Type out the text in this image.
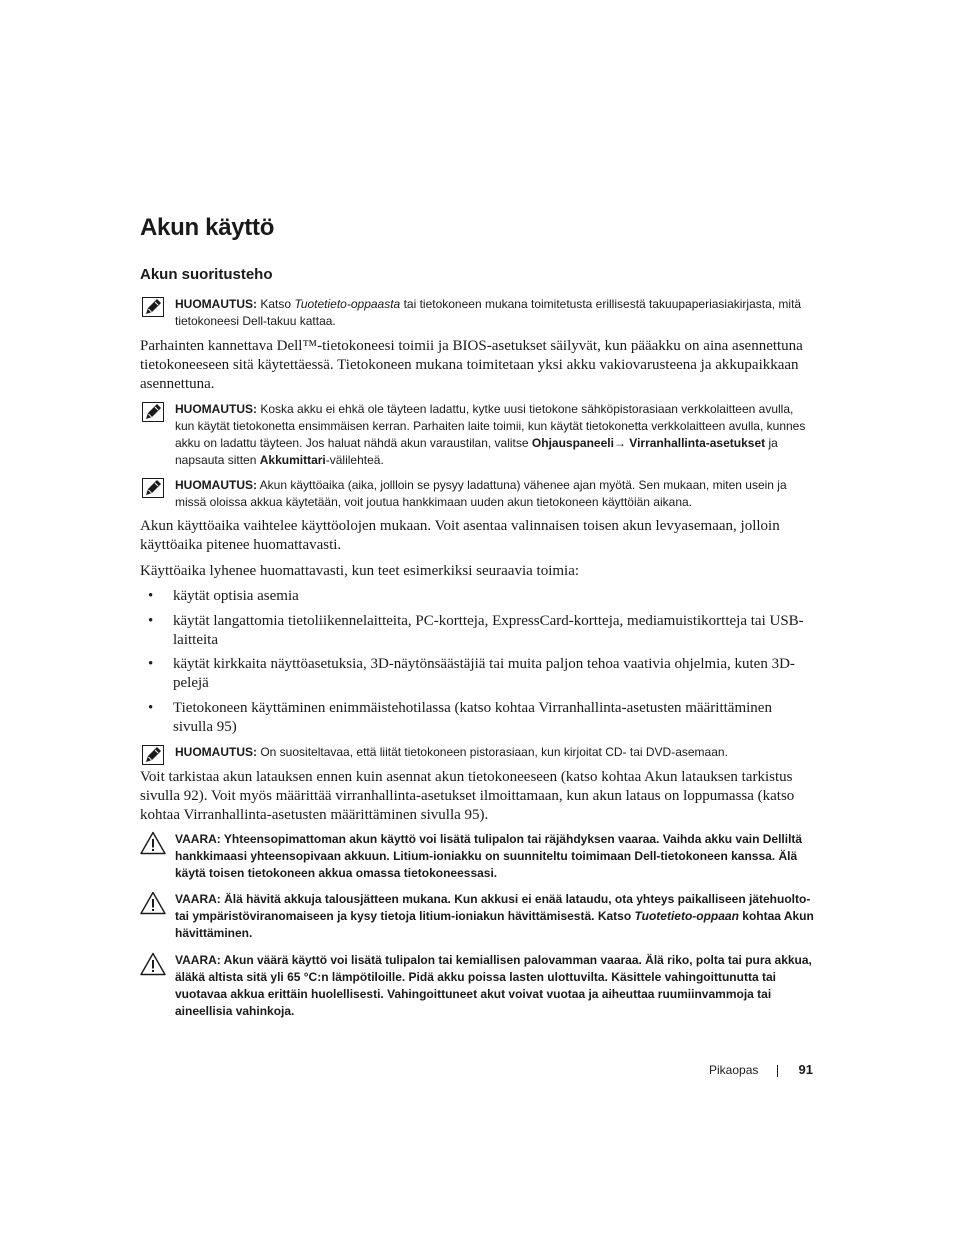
Akun käyttö
Akun suoritusteho
HUOMAUTUS: Katso Tuotetieto-oppaasta tai tietokoneen mukana toimitetusta erillisestä takuupaperiasiakirjasta, mitä tietokoneesi Dell-takuu kattaa.

Parhainten kannettava Dell™-tietokoneesi toimii ja BIOS-asetukset säilyvät, kun pääakku on aina asennettuna tietokoneeseen sitä käytettäessä. Tietokoneen mukana toimitetaan yksi akku vakiovarusteena ja akkupaikkaan asennettuna.

HUOMAUTUS: Koska akku ei ehkä ole täyteen ladattu, kytke uusi tietokone sähköpistorasiaan verkkolaitteen avulla, kun käytät tietokonetta ensimmäisen kerran. Parhaiten laite toimii, kun käytät tietokonetta verkkolaitteen avulla, kunnes akku on ladattu täyteen. Jos haluat nähdä akun varaustilan, valitse Ohjauspaneeli→ Virranhallinta-asetukset ja napsauta sitten Akkumittari-välilehteä.
HUOMAUTUS: Akun käyttöaika (aika, jollloin se pysyy ladattuna) vähenee ajan myötä. Sen mukaan, miten usein ja missä oloissa akkua käytetään, voit joutua hankkimaan uuden akun tietokoneen käyttöiän aikana.

Akun käyttöaika vaihtelee käyttöolojen mukaan. Voit asentaa valinnaisen toisen akun levyasemaan, jolloin käyttöaika pitenee huomattavasti.

Käyttöaika lyhenee huomattavasti, kun teet esimerkiksi seuraavia toimia:

• käytät optisia asemia
• käytät langattomia tietoliikennelaitteita, PC-kortteja, ExpressCard-kortteja, mediamuistikortteja tai USB-laitteita
• käytät kirkkaita näyttöasetuksia, 3D-näytönsäästäjiä tai muita paljon tehoa vaativia ohjelmia, kuten 3D-pelejä
• Tietokoneen käyttäminen enimmäistehotilassa (katso kohtaa Virranhallinta-asetusten määrittäminen sivulla 95)
HUOMAUTUS: On suositeltavaa, että liität tietokoneen pistorasiaan, kun kirjoitat CD- tai DVD-asemaan.

Voit tarkistaa akun latauksen ennen kuin asennat akun tietokoneeseen (katso kohtaa Akun latauksen tarkistus sivulla 92). Voit myös määrittää virranhallinta-asetukset ilmoittamaan, kun akun lataus on loppumassa (katso kohtaa Virranhallinta-asetusten määrittäminen sivulla 95).

VAARA: Yhteensopimattoman akun käyttö voi lisätä tulipalon tai räjähdyksen vaaraa. Vaihda akku vain Delliltä hankkimaasi yhteensopivaan akkuun. Litium-ioniakku on suunniteltu toimimaan Dell-tietokoneen kanssa. Älä käytä toisen tietokoneen akkua omassa tietokoneessasi.
VAARA: Älä hävitä akkuja talousjätteen mukana. Kun akkusi ei enää lataudu, ota yhteys paikalliseen jätehuolto- tai ympäristöviranomaiseen ja kysy tietoja litium-ioniakun hävittämisestä. Katso Tuotetieto-oppaan kohtaa Akun hävittäminen.
VAARA: Akun väärä käyttö voi lisätä tulipalon tai kemiallisen palovamman vaaraa. Älä riko, polta tai pura akkua, äläkä altista sitä yli 65 °C:n lämpötiloille. Pidä akku poissa lasten ulottuvilta. Käsittele vahingoittunutta tai vuotavaa akkua erittäin huolellisesti. Vahingoittuneet akut voivat vuotaa ja aiheuttaa ruumiinvammoja tai aineellisia vahinkoja.
Pikaopas	91
